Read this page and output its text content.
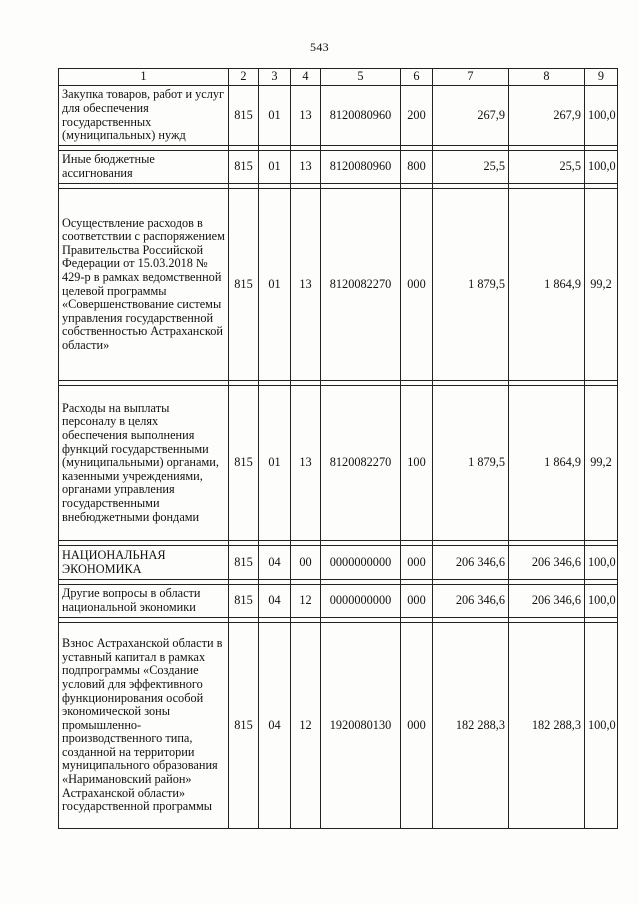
543
1	2	3	4	5	6	7	8	9
Закупка товаров, работ и услуг для обеспечения государственных (муниципальных) нужд	815	01	13	8120080960	200	267,9	267,9	100,0

Иные бюджетные ассигнования	815	01	13	8120080960	800	25,5	25,5	100,0

Осуществление расходов в соответствии с распоряжением Правительства Российской Федерации от 15.03.2018 № 429-р в рамках ведомственной целевой программы «Совершенствование системы управления государственной собственностью Астраханской области»	815	01	13	8120082270	000	1 879,5	1 864,9	99,2

Расходы на выплаты персоналу в целях обеспечения выполнения функций государственными (муниципальными) органами, казенными учреждениями, органами управления государственными внебюджетными фондами	815	01	13	8120082270	100	1 879,5	1 864,9	99,2

НАЦИОНАЛЬНАЯ ЭКОНОМИКА	815	04	00	0000000000	000	206 346,6	206 346,6	100,0

Другие вопросы в области национальной экономики	815	04	12	0000000000	000	206 346,6	206 346,6	100,0

Взнос Астраханской области в уставный капитал в рамках подпрограммы «Создание условий для эффективного функционирования особой экономической зоны промышленно-производственного типа, созданной на территории муниципального образования «Наримановский район» Астраханской области» государственной программы	815	04	12	1920080130	000	182 288,3	182 288,3	100,0
